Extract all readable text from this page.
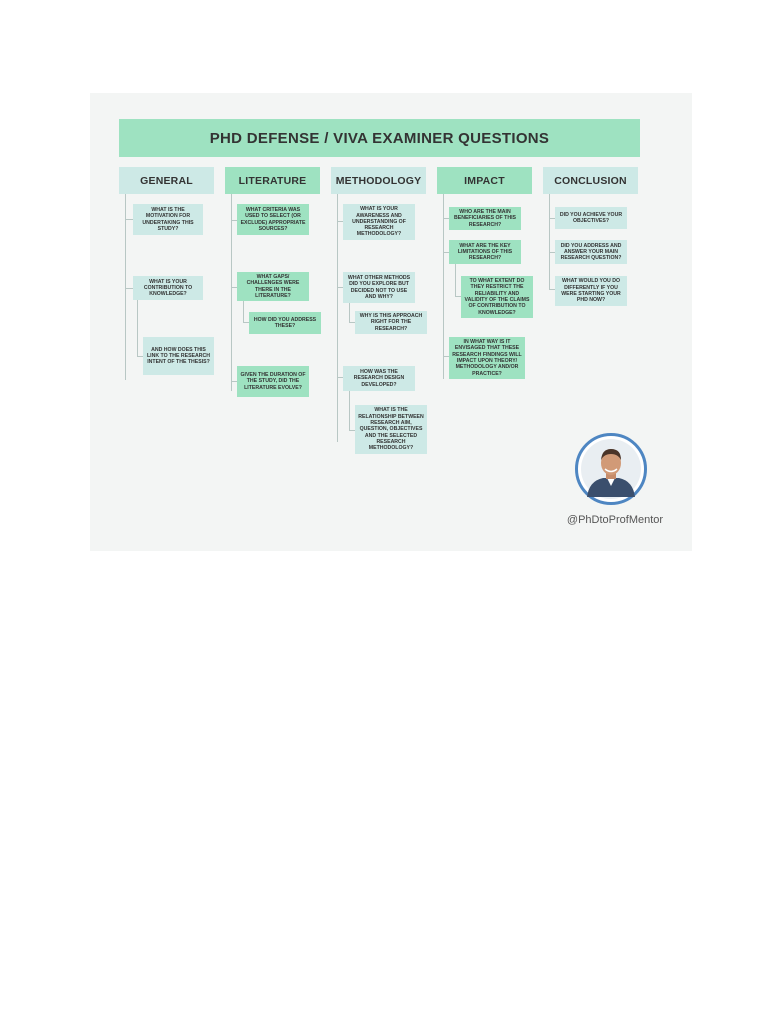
PHD DEFENSE / VIVA EXAMINER QUESTIONS
GENERAL	LITERATURE	METHODOLOGY	IMPACT	CONCLUSION
WHAT IS THE MOTIVATION FOR UNDERTAKING THIS STUDY?
WHAT IS YOUR CONTRIBUTION TO KNOWLEDGE?
AND HOW DOES THIS LINK TO THE RESEARCH INTENT OF THE THESIS?
WHAT CRITERIA WAS USED TO SELECT (OR EXCLUDE) APPROPRIATE SOURCES?
WHAT GAPS/ CHALLENGES WERE THERE IN THE LITERATURE?
HOW DID YOU ADDRESS THESE?
GIVEN THE DURATION OF THE STUDY, DID THE LITERATURE EVOLVE?
WHAT IS YOUR AWARENESS AND UNDERSTANDING OF RESEARCH METHODOLOGY?
WHAT OTHER METHODS DID YOU EXPLORE BUT DECIDED NOT TO USE AND WHY?
WHY IS THIS APPROACH RIGHT FOR THE RESEARCH?
HOW WAS THE RESEARCH DESIGN DEVELOPED?
WHAT IS THE RELATIONSHIP BETWEEN RESEARCH AIM, QUESTION, OBJECTIVES AND THE SELECTED RESEARCH METHODOLOGY?
WHO ARE THE MAIN BENEFICIARIES OF THIS RESEARCH?
WHAT ARE THE KEY LIMITATIONS OF THIS RESEARCH?
TO WHAT EXTENT DO THEY RESTRICT THE RELIABILITY AND VALIDITY OF THE CLAIMS OF CONTRIBUTION TO KNOWLEDGE?
IN WHAT WAY IS IT ENVISAGED THAT THESE RESEARCH FINDINGS WILL IMPACT UPON THEORY/ METHODOLOGY AND/OR PRACTICE?
DID YOU ACHIEVE YOUR OBJECTIVES?
DID YOU ADDRESS AND ANSWER YOUR MAIN RESEARCH QUESTION?
WHAT WOULD YOU DO DIFFERENTLY IF YOU WERE STARTING YOUR PHD NOW?
@PhDtoProfMentor
